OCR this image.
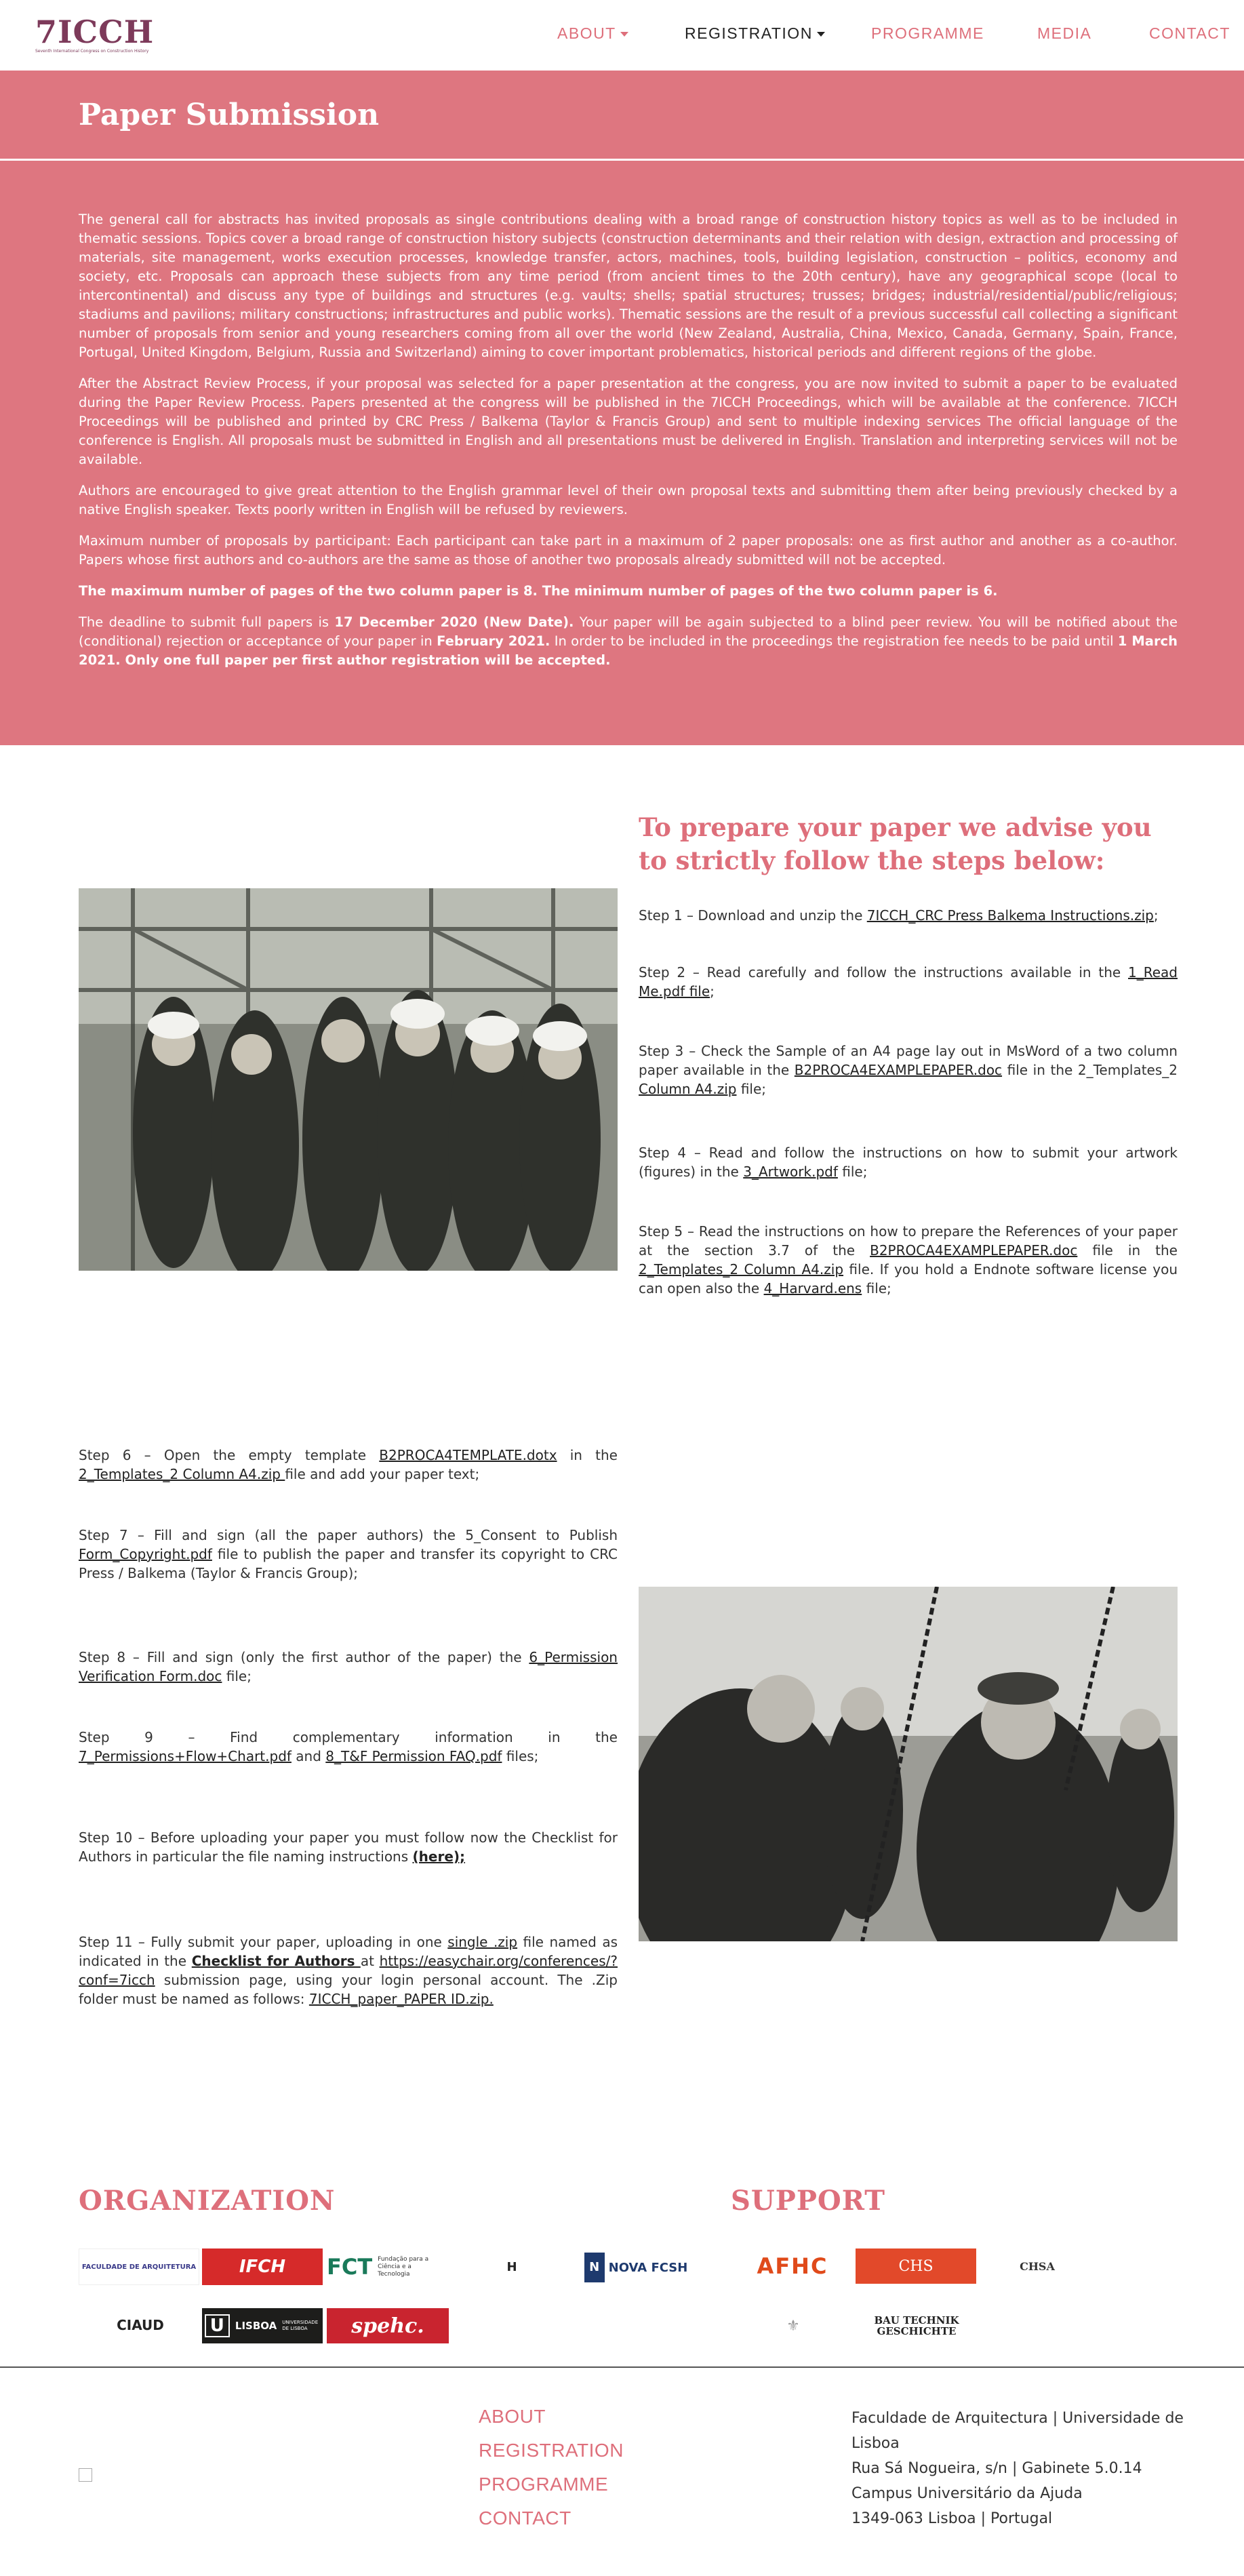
7ICCH
Seventh International Congress on Construction History
ABOUT	REGISTRATION	PROGRAMME	MEDIA	CONTACT
Paper Submission

The general call for abstracts has invited proposals as single contributions dealing with a broad range of construction history topics as well as to be included in thematic sessions. Topics cover a broad range of construction history subjects (construction determinants and their relation with design, extraction and processing of materials, site management, works execution processes, knowledge transfer, actors, machines, tools, building legislation, construction – politics, economy and society, etc. Proposals can approach these subjects from any time period (from ancient times to the 20th century), have any geographical scope (local to intercontinental) and discuss any type of buildings and structures (e.g. vaults; shells; spatial structures; trusses; bridges; industrial/residential/public/religious; stadiums and pavilions; military constructions; infrastructures and public works). Thematic sessions are the result of a previous successful call collecting a significant number of proposals from senior and young researchers coming from all over the world (New Zealand, Australia, China, Mexico, Canada, Germany, Spain, France, Portugal, United Kingdom, Belgium, Russia and Switzerland) aiming to cover important problematics, historical periods and different regions of the globe.

After the Abstract Review Process, if your proposal was selected for a paper presentation at the congress, you are now invited to submit a paper to be evaluated during the Paper Review Process. Papers presented at the congress will be published in the 7ICCH Proceedings, which will be available at the conference. 7ICCH Proceedings will be published and printed by CRC Press / Balkema (Taylor & Francis Group) and sent to multiple indexing services The official language of the conference is English. All proposals must be submitted in English and all presentations must be delivered in English. Translation and interpreting services will not be available.

Authors are encouraged to give great attention to the English grammar level of their own proposal texts and submitting them after being previously checked by a native English speaker. Texts poorly written in English will be refused by reviewers.

Maximum number of proposals by participant: Each participant can take part in a maximum of 2 paper proposals: one as first author and another as a co-author. Papers whose first authors and co-authors are the same as those of another two proposals already submitted will not be accepted.

The maximum number of pages of the two column paper is 8. The minimum number of pages of the two column paper is 6.

The deadline to submit full papers is 17 December 2020 (New Date). Your paper will be again subjected to a blind peer review. You will be notified about the (conditional) rejection or acceptance of your paper in February 2021. In order to be included in the proceedings the registration fee needs to be paid until 1 March 2021. Only one full paper per first author registration will be accepted.

To prepare your paper we advise you to strictly follow the steps below:
Step 1 – Download and unzip the 7ICCH_CRC Press Balkema Instructions.zip;
Step 2 – Read carefully and follow the instructions available in the 1_Read Me.pdf file;
Step 3 – Check the Sample of an A4 page lay out in MsWord of a two column paper available in the B2PROCA4EXAMPLEPAPER.doc file in the 2_Templates_2 Column A4.zip file;
Step 4 – Read and follow the instructions on how to submit your artwork (figures) in the 3_Artwork.pdf file;
Step 5 – Read the instructions on how to prepare the References of your paper at the section 3.7 of the B2PROCA4EXAMPLEPAPER.doc file in the 2_Templates_2 Column A4.zip file. If you hold a Endnote software license you can open also the 4_Harvard.ens file;
Step 6 – Open the empty template B2PROCA4TEMPLATE.dotx in the 2_Templates_2 Column A4.zip file and add your paper text;
Step 7 – Fill and sign (all the paper authors) the 5_Consent to Publish Form_Copyright.pdf file to publish the paper and transfer its copyright to CRC Press / Balkema (Taylor & Francis Group);
Step 8 – Fill and sign (only the first author of the paper) the 6_Permission Verification Form.doc file;
Step 9 – Find complementary information in the 7_Permissions+Flow+Chart.pdf and 8_T&F Permission FAQ.pdf files;
Step 10 – Before uploading your paper you must follow now the Checklist for Authors in particular the file naming instructions (here);
Step 11 – Fully submit your paper, uploading in one single .zip file named as indicated in the Checklist for Authors at https://easychair.org/conferences/?conf=7icch submission page, using your login personal account. The .Zip folder must be named as follows: 7ICCH_paper_PAPER ID.zip.
ORGANIZATION	SUPPORT
FACULDADE DE ARQUITETURA	IFCH	FCT Fundação para a Ciência e a Tecnologia	H	N NOVA FCSH
CIAUD	U	LISBOA UNIVERSIDADE DE LISBOA	spehc.
AFHC	CHS	CHSA
⚜	BAU TECHNIK GESCHICHTE
ABOUT
REGISTRATION
PROGRAMME
CONTACT
Faculdade de Arquitectura | Universidade de Lisboa
Rua Sá Nogueira, s/n | Gabinete 5.0.14
Campus Universitário da Ajuda
1349-063 Lisboa | Portugal
